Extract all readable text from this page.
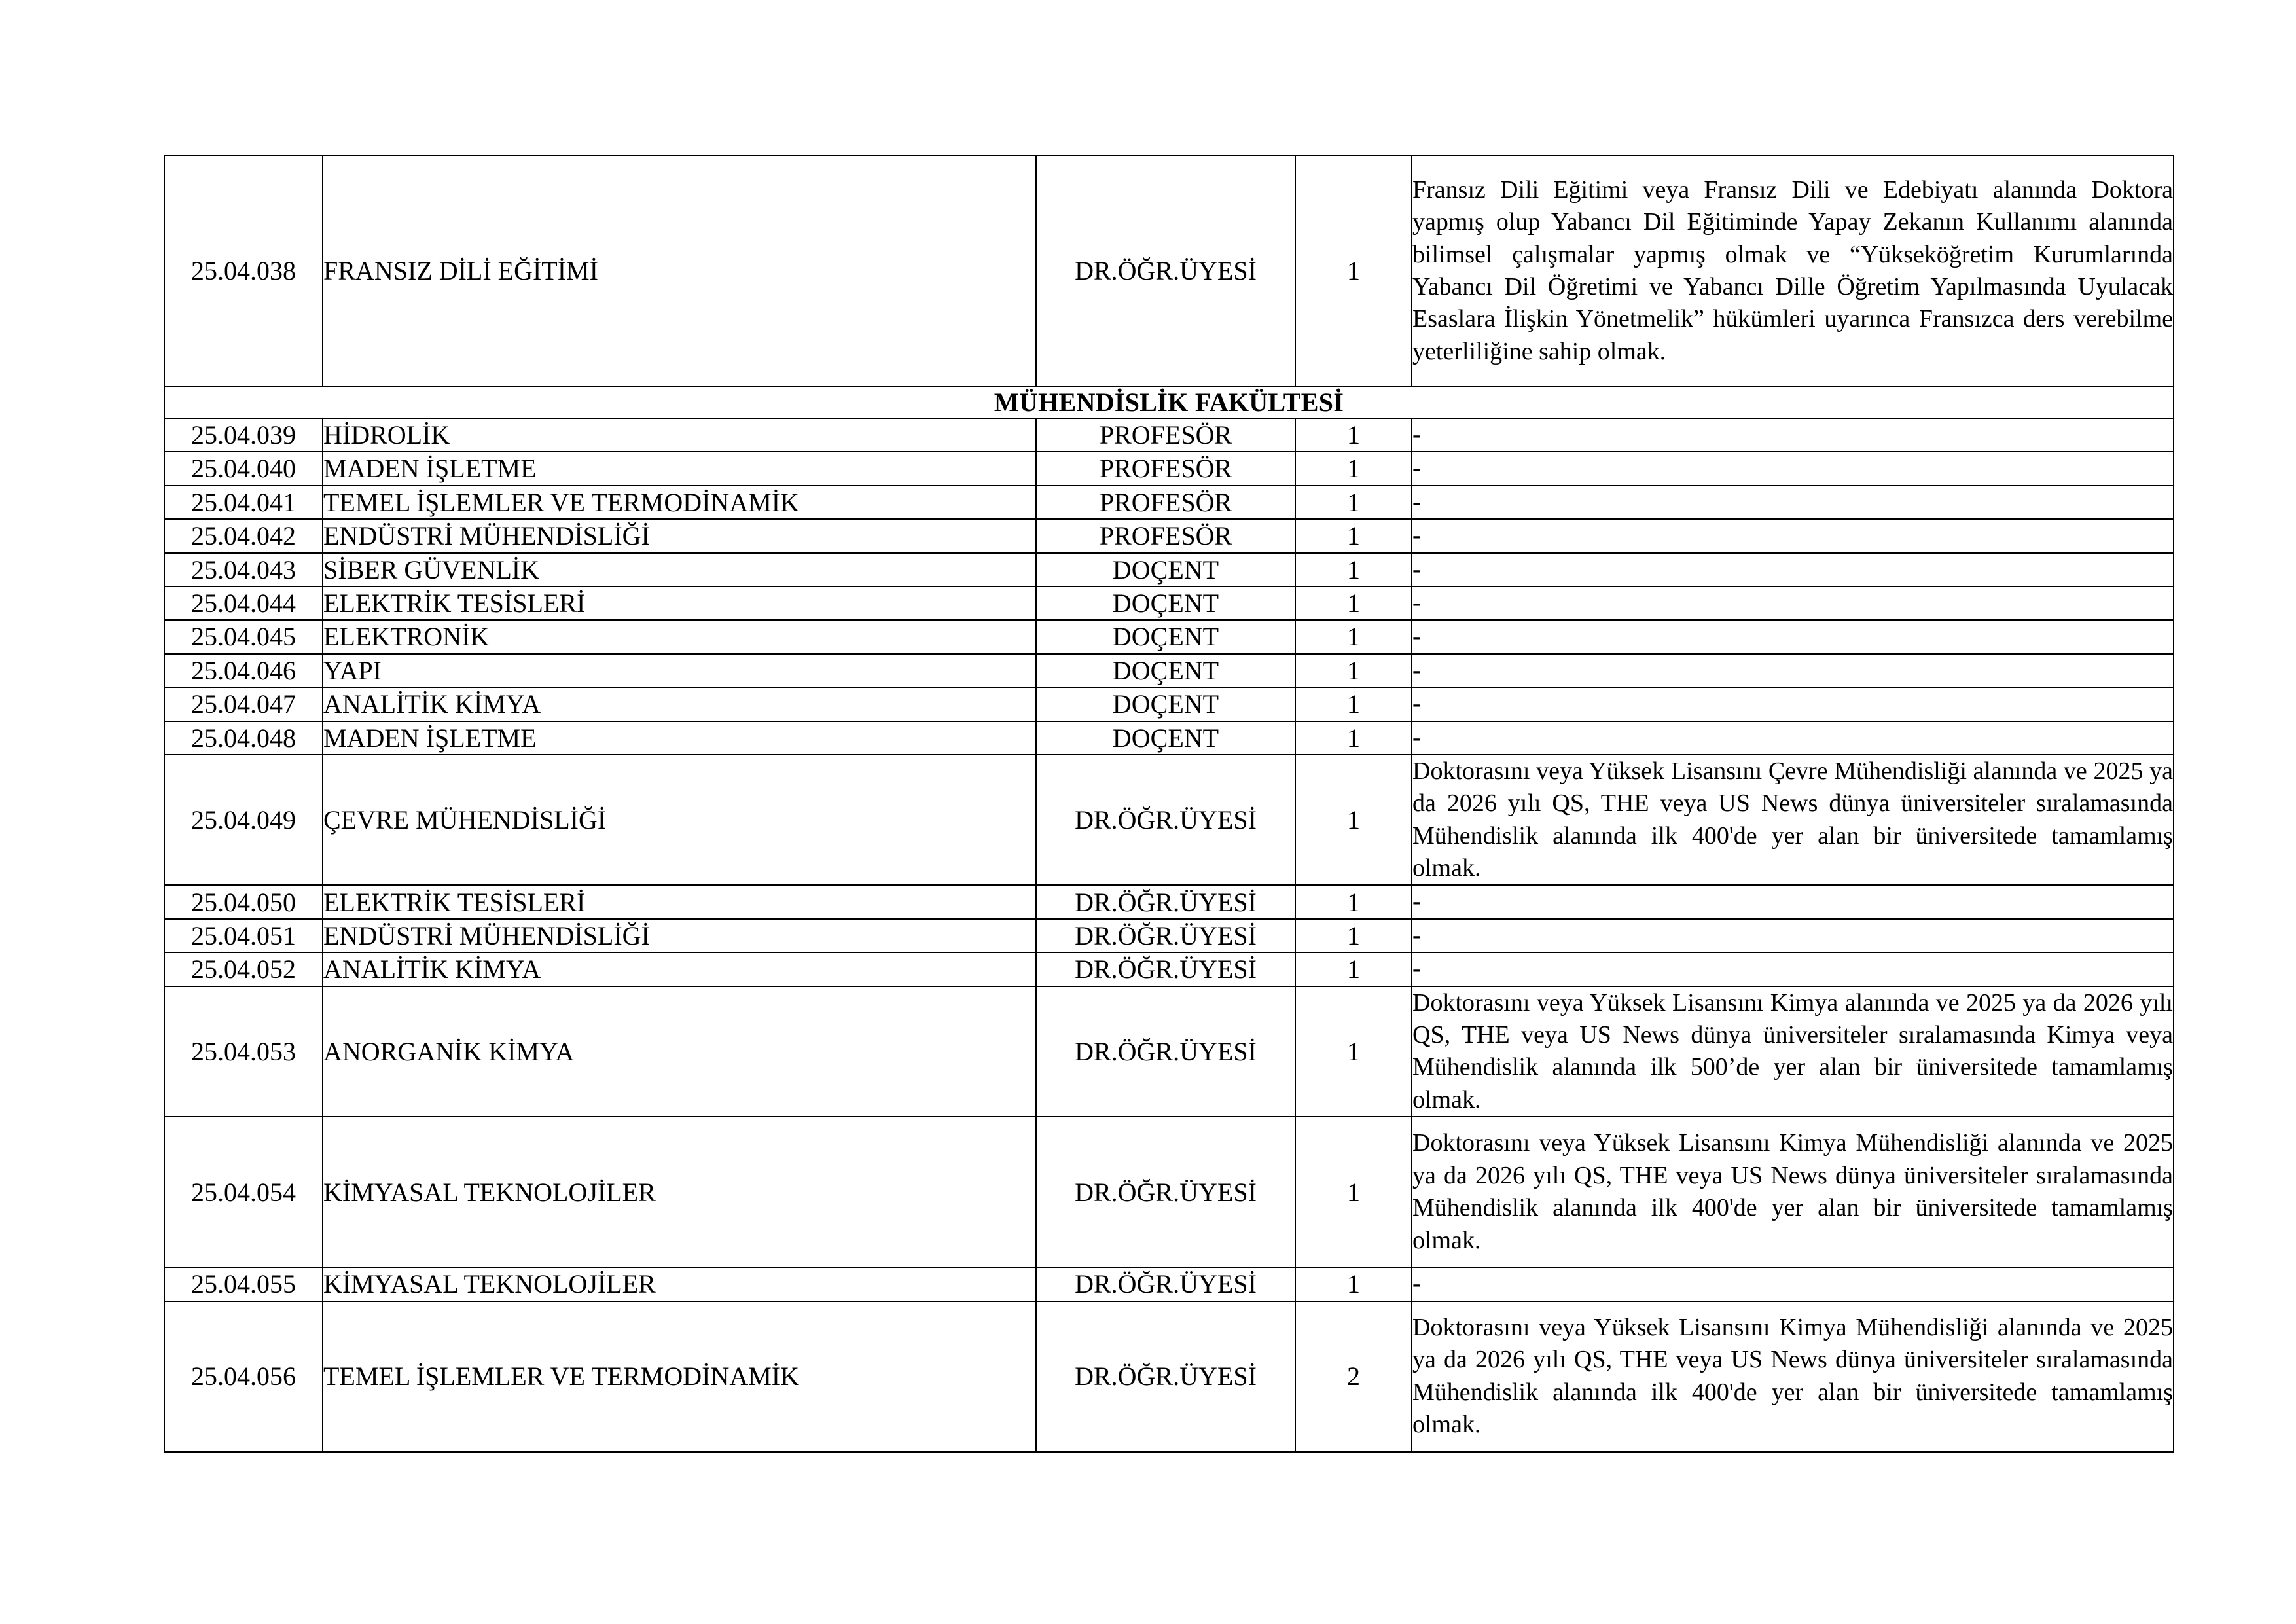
25.04.038	FRANSIZ DİLİ EĞİTİMİ	DR.ÖĞR.ÜYESİ	1	Fransız Dili Eğitimi veya Fransız Dili ve Edebiyatı alanında Doktora yapmış olup Yabancı Dil Eğitiminde Yapay Zekanın Kullanımı alanında bilimsel çalışmalar yapmış olmak ve “Yükseköğretim Kurumlarında Yabancı Dil Öğretimi ve Yabancı Dille Öğretim Yapılmasında Uyulacak Esaslara İlişkin Yönetmelik” hükümleri uyarınca Fransızca ders verebilme yeterliliğine sahip olmak.
MÜHENDİSLİK FAKÜLTESİ				
25.04.039	HİDROLİK	PROFESÖR	1	-
25.04.040	MADEN İŞLETME	PROFESÖR	1	-
25.04.041	TEMEL İŞLEMLER VE TERMODİNAMİK	PROFESÖR	1	-
25.04.042	ENDÜSTRİ MÜHENDİSLİĞİ	PROFESÖR	1	-
25.04.043	SİBER GÜVENLİK	DOÇENT	1	-
25.04.044	ELEKTRİK TESİSLERİ	DOÇENT	1	-
25.04.045	ELEKTRONİK	DOÇENT	1	-
25.04.046	YAPI	DOÇENT	1	-
25.04.047	ANALİTİK KİMYA	DOÇENT	1	-
25.04.048	MADEN İŞLETME	DOÇENT	1	-
25.04.049	ÇEVRE MÜHENDİSLİĞİ	DR.ÖĞR.ÜYESİ	1	Doktorasını veya Yüksek Lisansını Çevre Mühendisliği alanında ve 2025 ya da 2026 yılı QS, THE veya US News dünya üniversiteler sıralamasında Mühendislik alanında ilk 400'de yer alan bir üniversitede tamamlamış olmak.
25.04.050	ELEKTRİK TESİSLERİ	DR.ÖĞR.ÜYESİ	1	-
25.04.051	ENDÜSTRİ MÜHENDİSLİĞİ	DR.ÖĞR.ÜYESİ	1	-
25.04.052	ANALİTİK KİMYA	DR.ÖĞR.ÜYESİ	1	-
25.04.053	ANORGANİK KİMYA	DR.ÖĞR.ÜYESİ	1	Doktorasını veya Yüksek Lisansını Kimya alanında ve 2025 ya da 2026 yılı QS, THE veya US News dünya üniversiteler sıralamasında Kimya veya Mühendislik alanında ilk 500’de yer alan bir üniversitede tamamlamış olmak.
25.04.054	KİMYASAL TEKNOLOJİLER	DR.ÖĞR.ÜYESİ	1	Doktorasını veya Yüksek Lisansını Kimya Mühendisliği alanında ve 2025 ya da 2026 yılı QS, THE veya US News dünya üniversiteler sıralamasında Mühendislik alanında ilk 400'de yer alan bir üniversitede tamamlamış olmak.
25.04.055	KİMYASAL TEKNOLOJİLER	DR.ÖĞR.ÜYESİ	1	-
25.04.056	TEMEL İŞLEMLER VE TERMODİNAMİK	DR.ÖĞR.ÜYESİ	2	Doktorasını veya Yüksek Lisansını Kimya Mühendisliği alanında ve 2025 ya da 2026 yılı QS, THE veya US News dünya üniversiteler sıralamasında Mühendislik alanında ilk 400'de yer alan bir üniversitede tamamlamış olmak.
